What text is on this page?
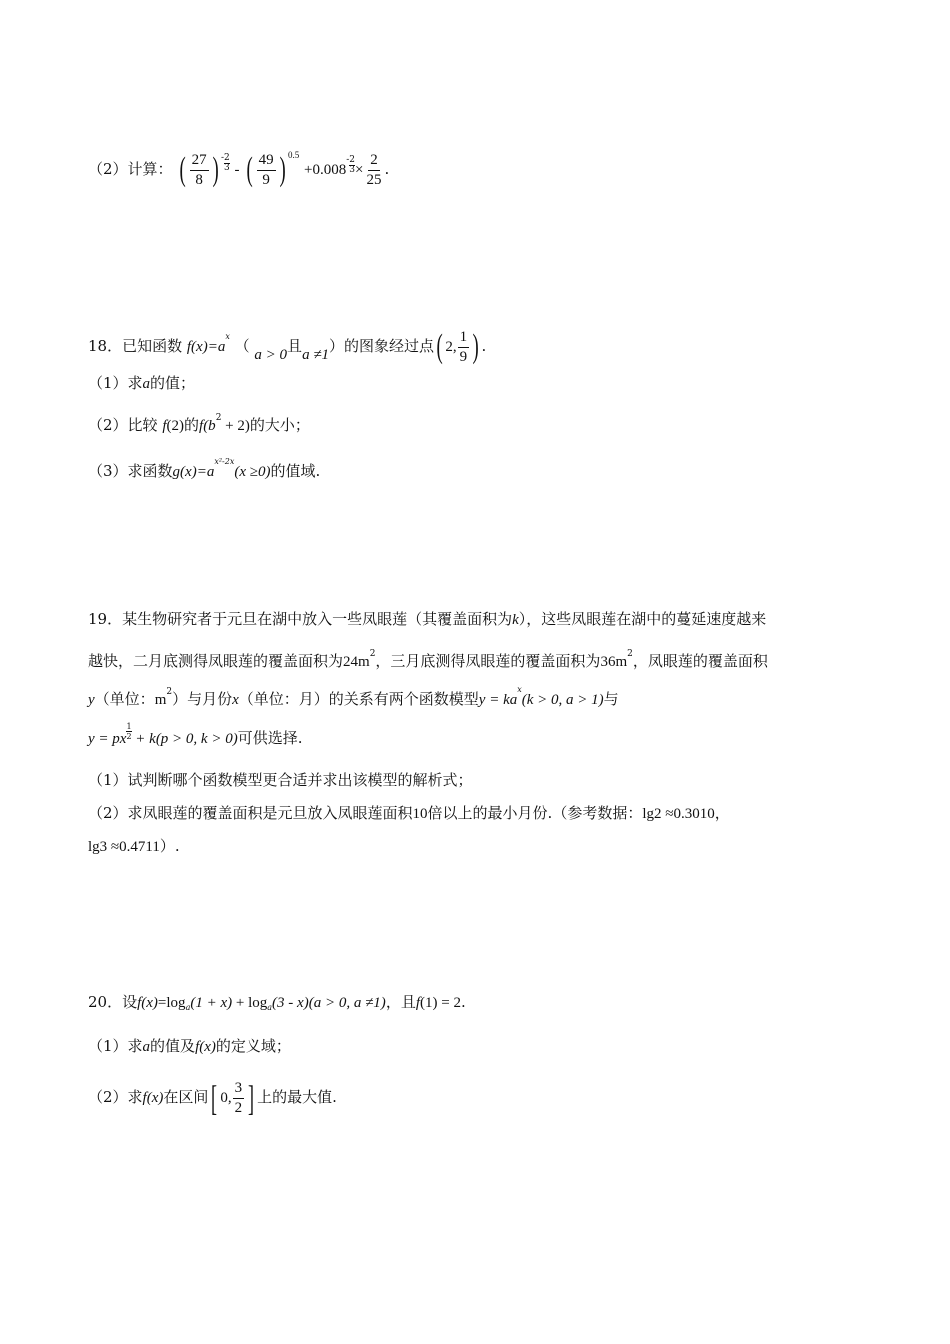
（2）计算： ( $\frac{27}{8}$ ) - $\frac{2}{3}$ - ( $\frac{49}{9}$ ) $0.5 +0.008- \frac{2}{3} \times \frac{2}{25}$ .
18．已知函数 $f(x)=a^x$ （ a > 0且a ≠1）的图象经过点( 2, $\frac{1}{9}$ ) .
（1）求a的值；
（2）比较 f(2)的$f(b^2 + 2)$的大小；
（3）求函数$g(x)=a^{x^2-2x}(x \ge 0)$的值域.
19．某生物研究者于元旦在湖中放入一些凤眼莲（其覆盖面积为k），这些凤眼莲在湖中的蔓延速度越来
越快，二月底测得凤眼莲的覆盖面积为$24m^2$，三月底测得凤眼莲的覆盖面积为$36m^2$，凤眼莲的覆盖面积
y（单位：$m^2$）与月份x（单位：月）的关系有两个函数模型$y = ka^x(k > 0$, a > 1)与
y = px $\frac{1}{2} + k(p > 0$, k > 0)可供选择.
（1）试判断哪个函数模型更合适并求出该模型的解析式；
（2）求凤眼莲的覆盖面积是元旦放入凤眼莲面积10倍以上的最小月份.（参考数据：lg2 ≈0.3010，
lg3 ≈0.4711）.
20．设$f(x)=\log_a(1 + x) + \log_a(3 - x)(a > 0$, a ≠1)，且f(1) = 2.
（1）求a的值及f(x)的定义域；
（2）求f(x)在区间[ 0, $\frac{3}{2}$ ] 上的最大值.
